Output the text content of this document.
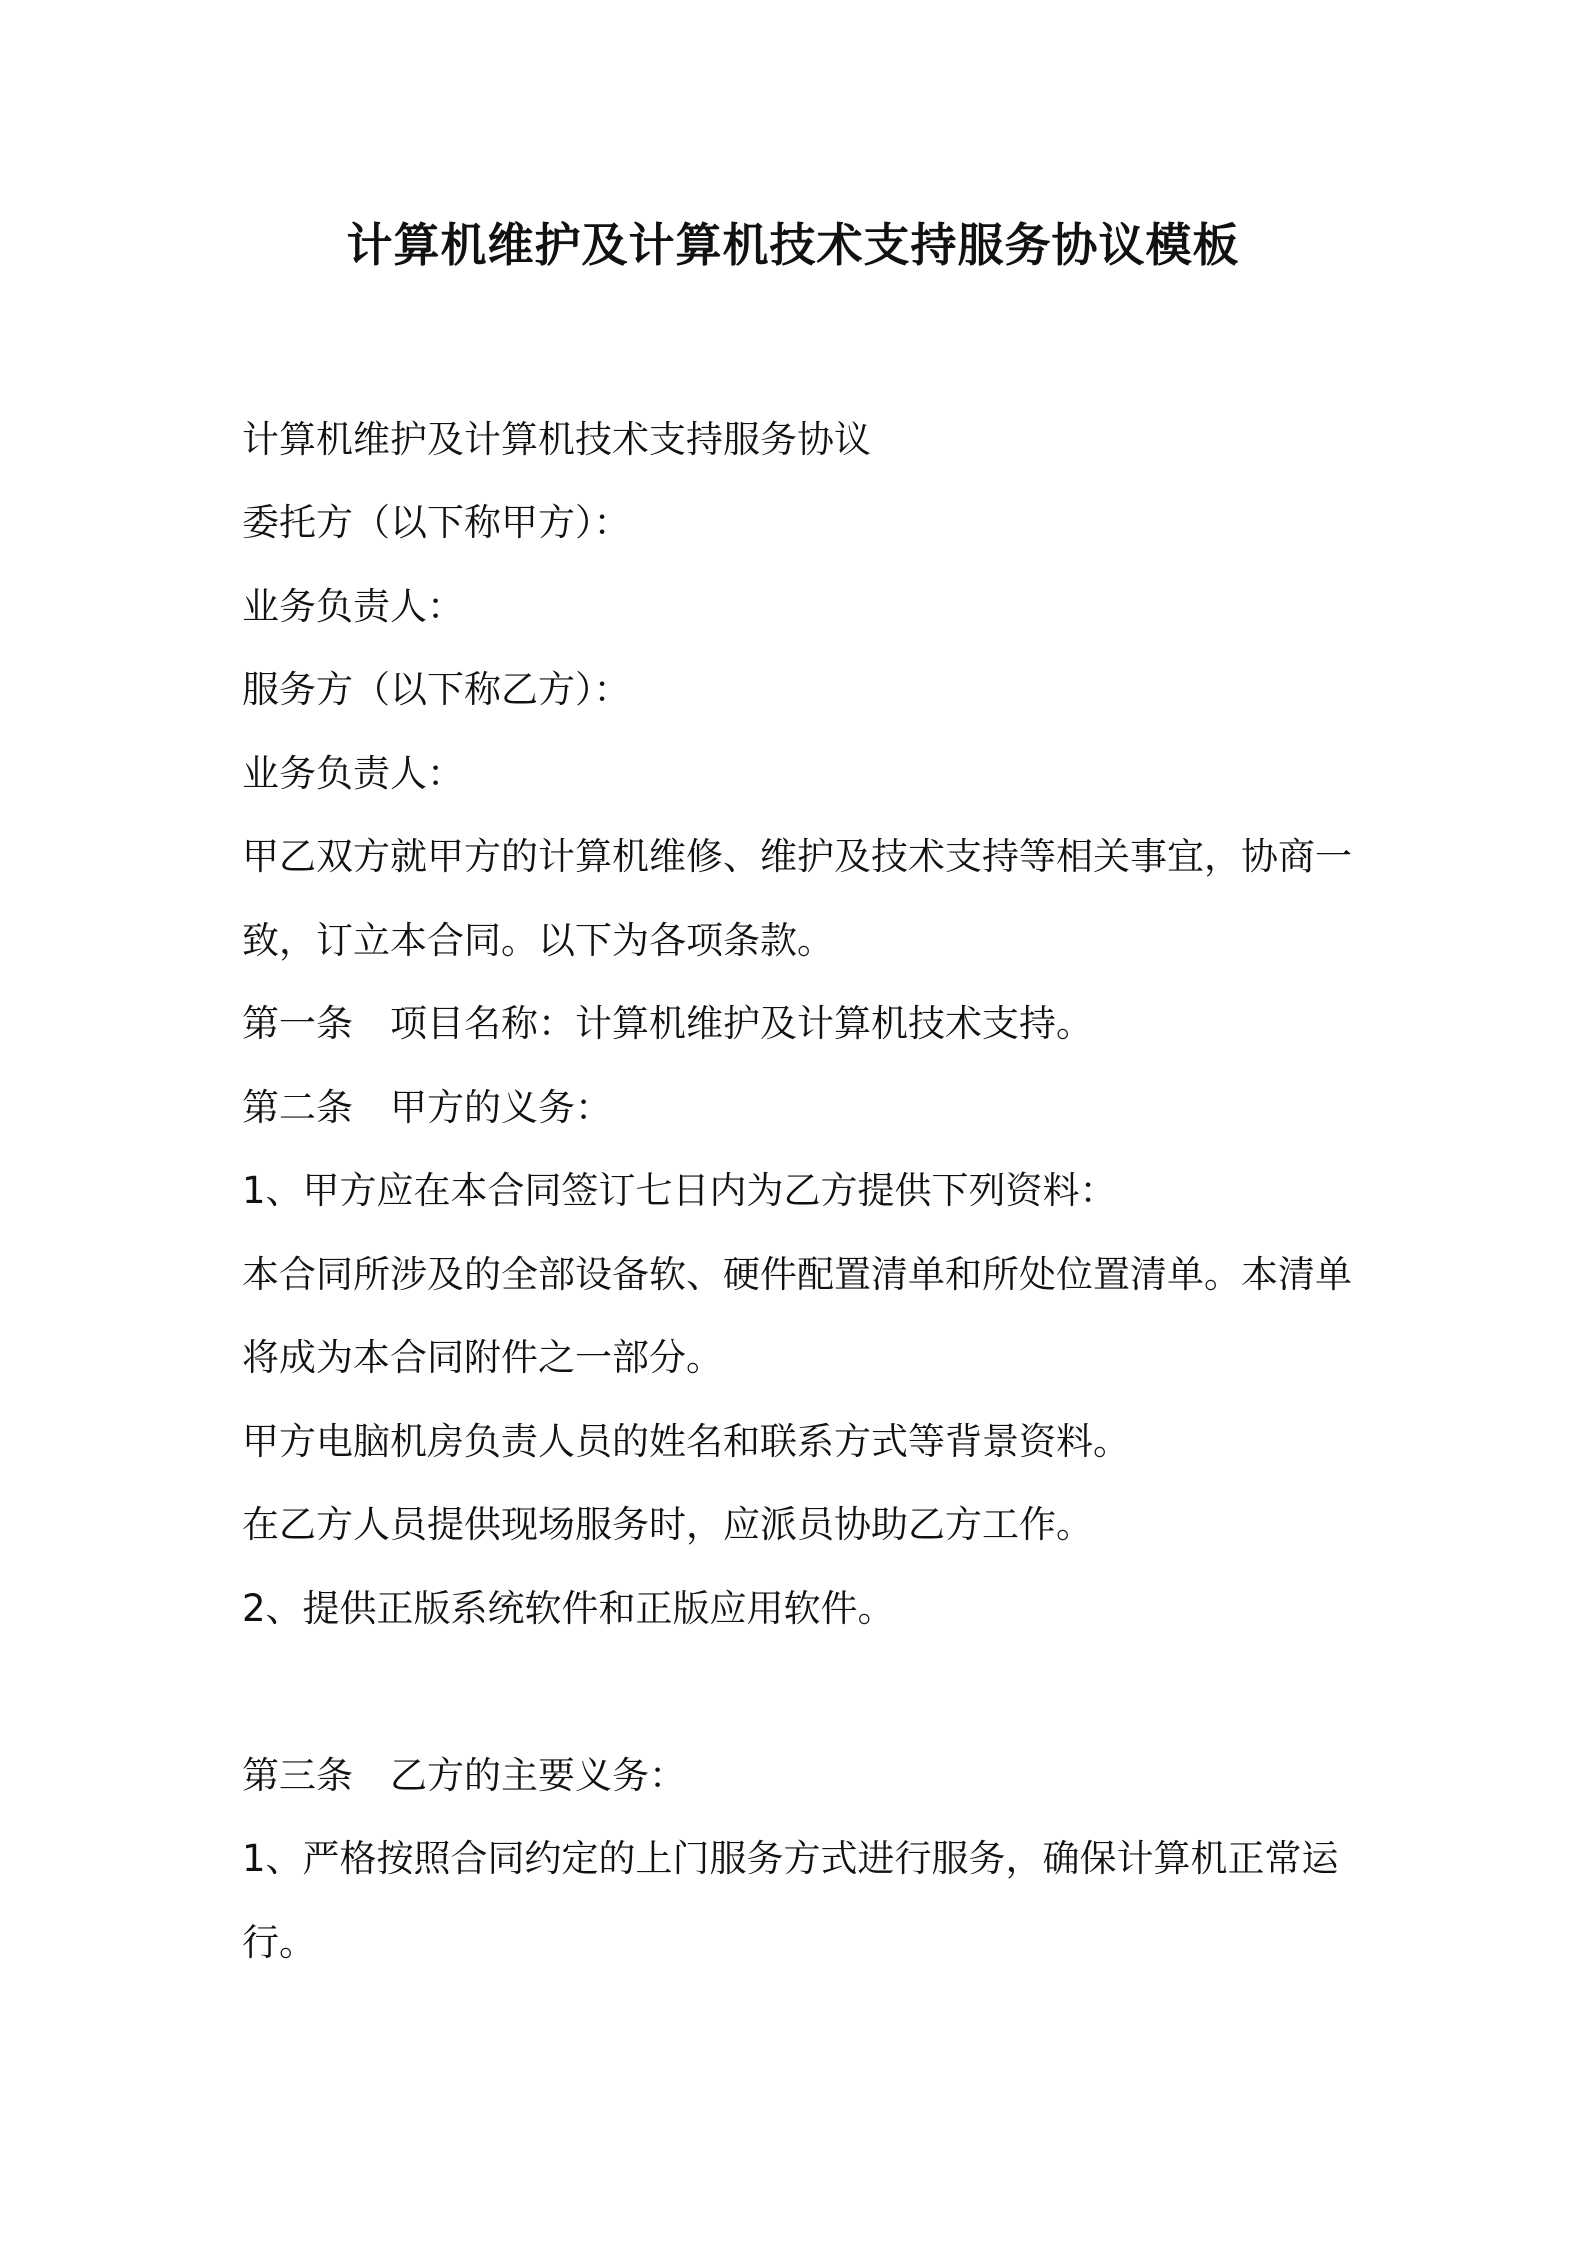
计算机维护及计算机技术支持服务协议模板
计算机维护及计算机技术支持服务协议
委托方（以下称甲方）：
业务负责人：
服务方（以下称乙方）：
业务负责人：
甲乙双方就甲方的计算机维修、维护及技术支持等相关事宜，协商一
致，订立本合同。以下为各项条款。
第一条　项目名称：计算机维护及计算机技术支持。
第二条　甲方的义务：
1、甲方应在本合同签订七日内为乙方提供下列资料：
本合同所涉及的全部设备软、硬件配置清单和所处位置清单。本清单
将成为本合同附件之一部分。
甲方电脑机房负责人员的姓名和联系方式等背景资料。
在乙方人员提供现场服务时，应派员协助乙方工作。
2、提供正版系统软件和正版应用软件。
第三条　乙方的主要义务：
1、严格按照合同约定的上门服务方式进行服务，确保计算机正常运
行。
